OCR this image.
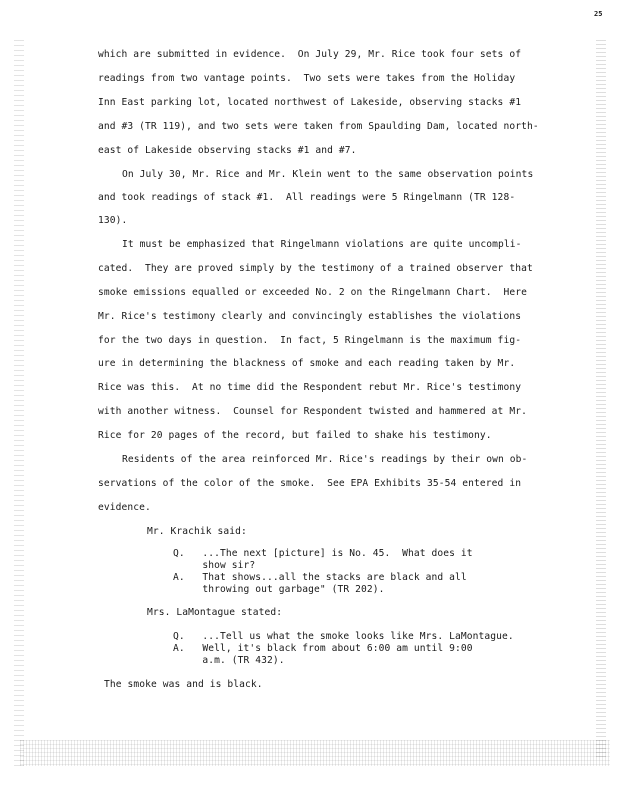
25
which are submitted in evidence.  On July 29, Mr. Rice took four sets of
readings from two vantage points.  Two sets were takes from the Holiday
Inn East parking lot, located northwest of Lakeside, observing stacks #1
and #3 (TR 119), and two sets were taken from Spaulding Dam, located north-
east of Lakeside observing stacks #1 and #7.
On July 30, Mr. Rice and Mr. Klein went to the same observation points
and took readings of stack #1.  All readings were 5 Ringelmann (TR 128-
130).
It must be emphasized that Ringelmann violations are quite uncompli-
cated.  They are proved simply by the testimony of a trained observer that
smoke emissions equalled or exceeded No. 2 on the Ringelmann Chart.  Here
Mr. Rice's testimony clearly and convincingly establishes the violations
for the two days in question.  In fact, 5 Ringelmann is the maximum fig-
ure in determining the blackness of smoke and each reading taken by Mr.
Rice was this.  At no time did the Respondent rebut Mr. Rice's testimony
with another witness.  Counsel for Respondent twisted and hammered at Mr.
Rice for 20 pages of the record, but failed to shake his testimony.
Residents of the area reinforced Mr. Rice's readings by their own ob-
servations of the color of the smoke.  See EPA Exhibits 35-54 entered in
evidence.
Mr. Krachik said:
Q.   ...The next [picture] is No. 45.  What does it
show sir?
A.   That shows...all the stacks are black and all
throwing out garbage" (TR 202).
Mrs. LaMontague stated:
Q.   ...Tell us what the smoke looks like Mrs. LaMontague.
A.   Well, it's black from about 6:00 am until 9:00
a.m. (TR 432).
The smoke was and is black.
